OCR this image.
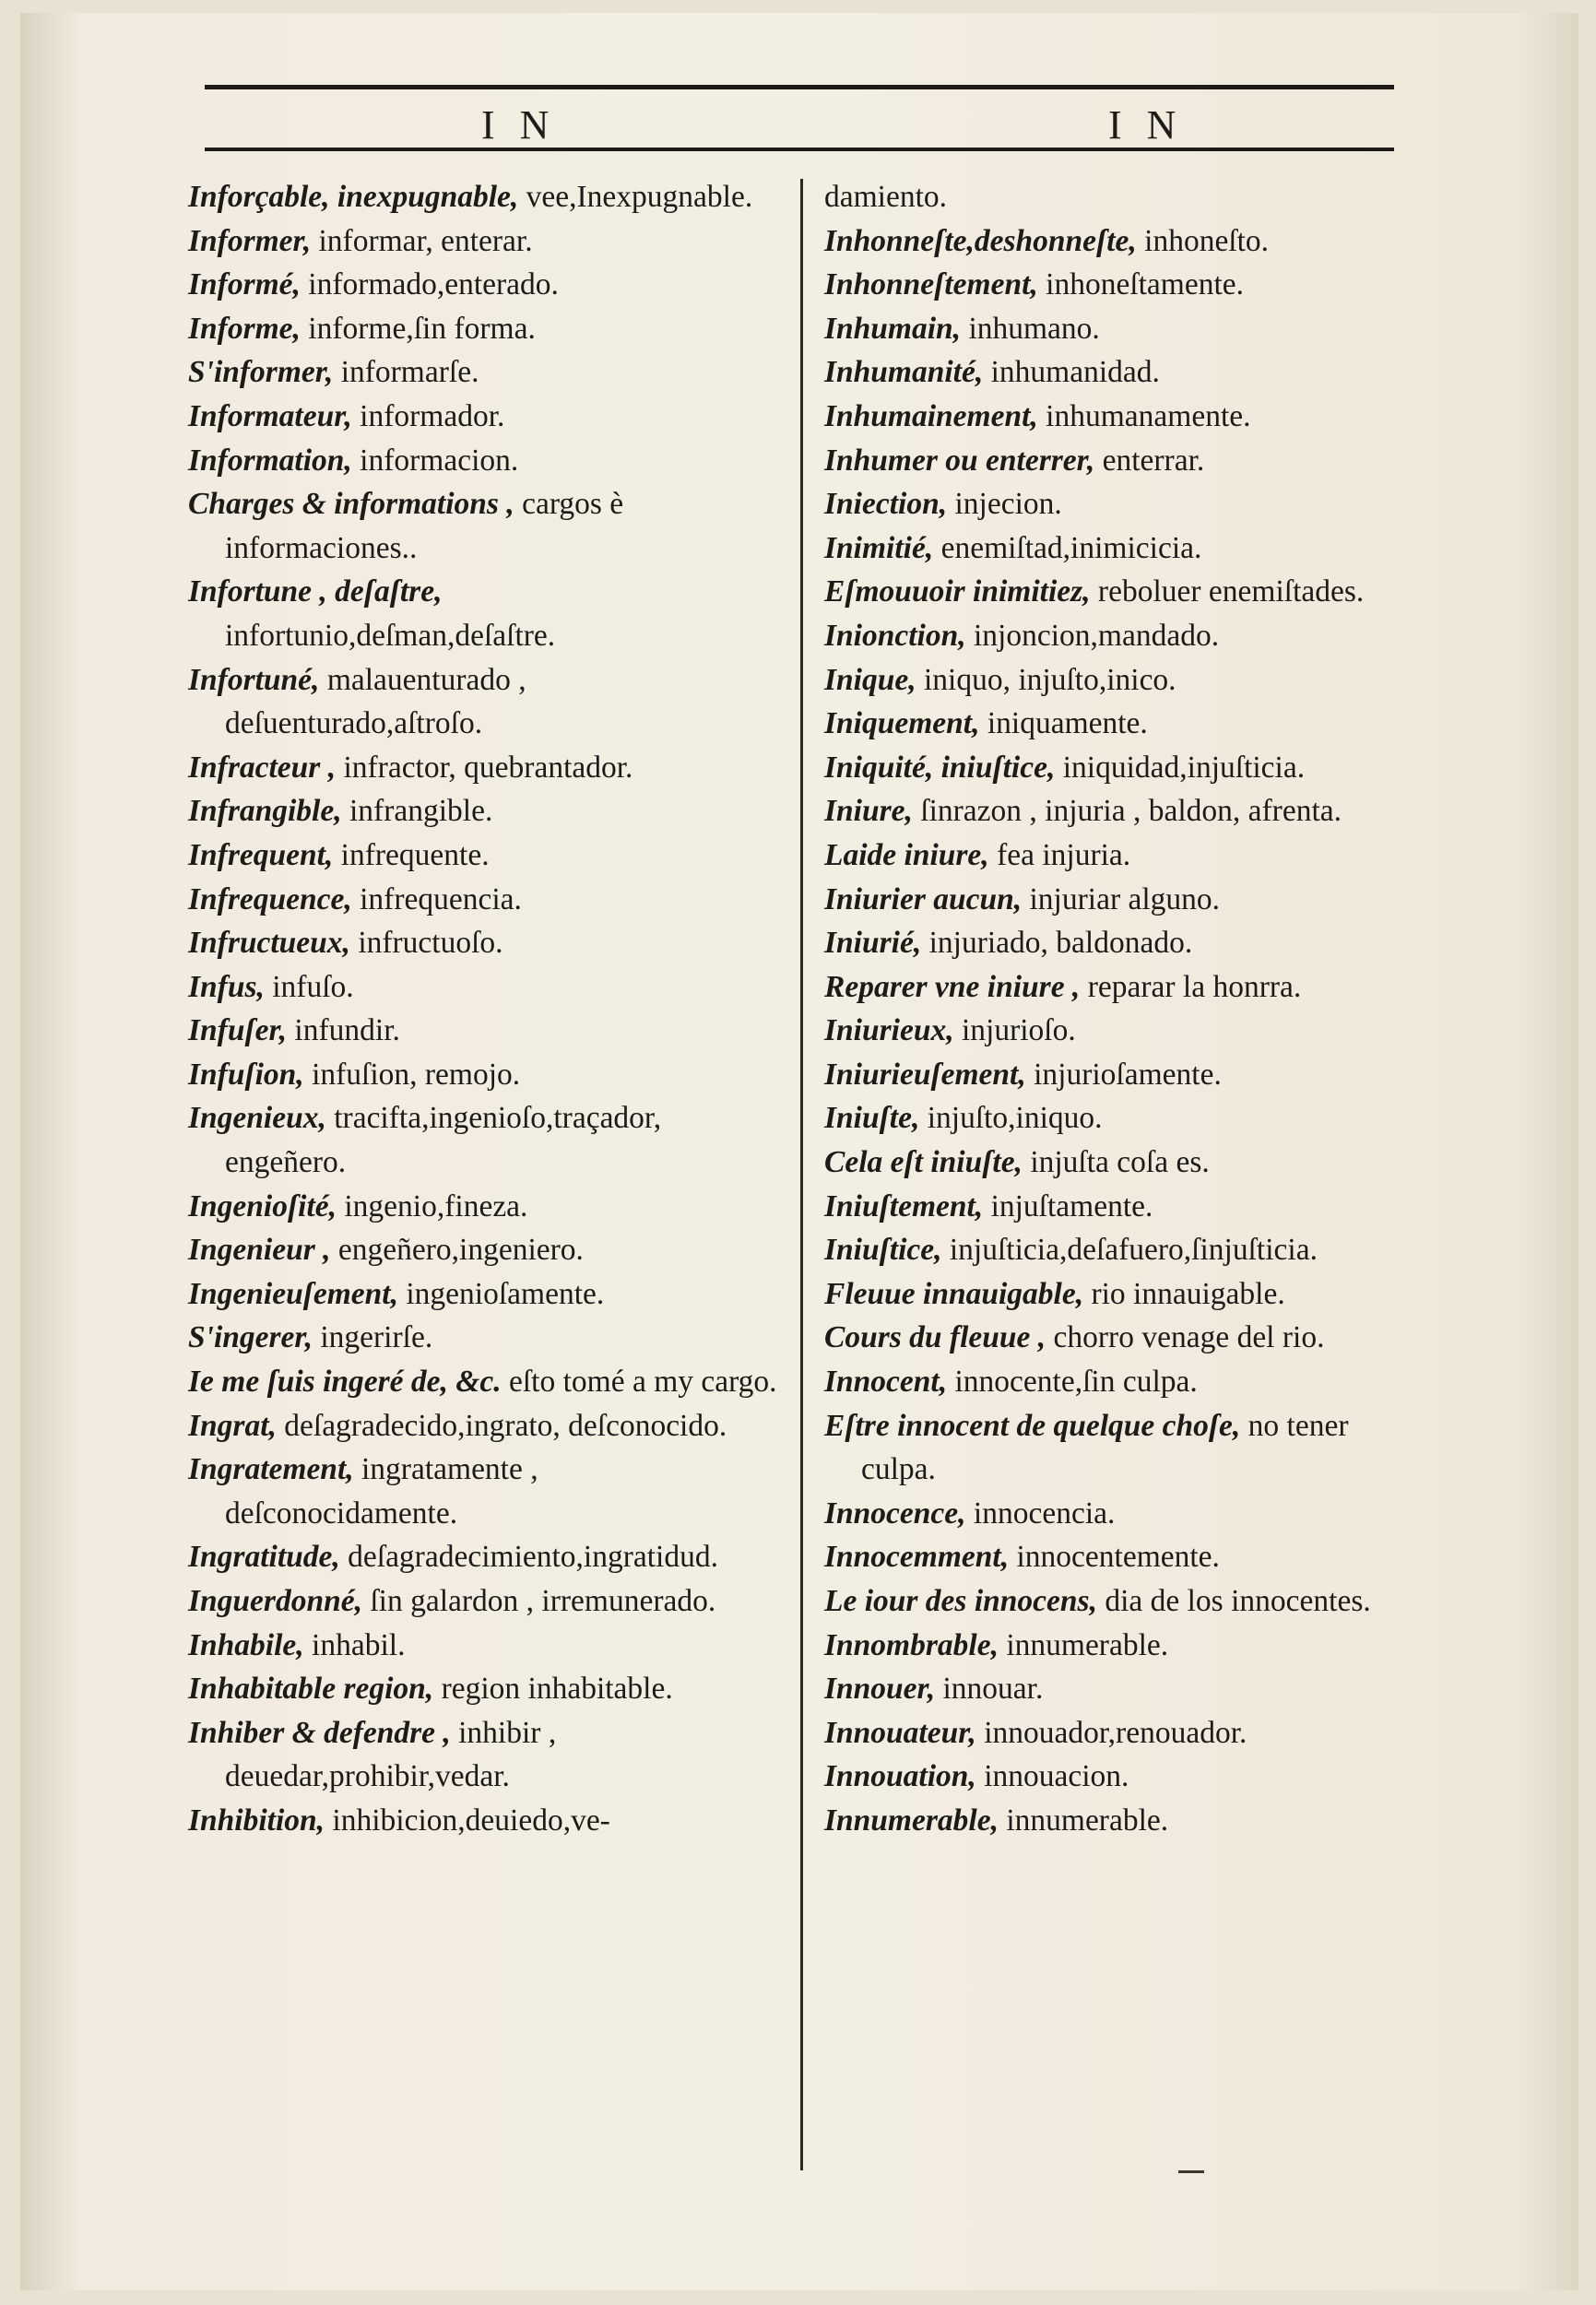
I N	I N

Inforçable, inexpugnable, vee,Inexpugnable.

Informer, informar, enterar.

Informé, informado,enterado.

Informe, informe,ſin forma.

S'informer, informarſe.

Informateur, informador.

Information, informacion.

Charges & informations , cargos è informaciones..

Infortune , deſaſtre, infortunio,deſman,deſaſtre.

Infortuné, malauenturado , deſuenturado,aſtroſo.

Infracteur , infractor, quebrantador.

Infrangible, infrangible.

Infrequent, infrequente.

Infrequence, infrequencia.

Infructueux, infructuoſo.

Infus, infuſo.

Infuſer, infundir.

Infuſion, infuſion, remojo.

Ingenieux, tracifta,ingenioſo,traçador, engeñero.

Ingenioſité, ingenio,fineza.

Ingenieur , engeñero,ingeniero.

Ingenieuſement, ingenioſamente.

S'ingerer, ingerirſe.

Ie me ſuis ingeré de, &c. eſto tomé a my cargo.

Ingrat, deſagradecido,ingrato, deſconocido.

Ingratement, ingratamente , deſconocidamente.

Ingratitude, deſagradecimiento,ingratidud.

Inguerdonné, ſin galardon , irremunerado.

Inhabile, inhabil.

Inhabitable region, region inhabitable.

Inhiber & defendre , inhibir , deuedar,prohibir,vedar.

Inhibition, inhibicion,deuiedo,ve-

damiento.

Inhonneſte,deshonneſte, inhoneſto.

Inhonneſtement, inhoneſtamente.

Inhumain, inhumano.

Inhumanité, inhumanidad.

Inhumainement, inhumanamente.

Inhumer ou enterrer, enterrar.

Iniection, injecion.

Inimitié, enemiſtad,inimicicia.

Eſmouuoir inimitiez, reboluer enemiſtades.

Inionction, injoncion,mandado.

Inique, iniquo, injuſto,inico.

Iniquement, iniquamente.

Iniquité, iniuſtice, iniquidad,injuſticia.

Iniure, ſinrazon , injuria , baldon, afrenta.

Laide iniure, fea injuria.

Iniurier aucun, injuriar alguno.

Iniurié, injuriado, baldonado.

Reparer vne iniure , reparar la honrra.

Iniurieux, injurioſo.

Iniurieuſement, injurioſamente.

Iniuſte, injuſto,iniquo.

Cela eſt iniuſte, injuſta coſa es.

Iniuſtement, injuſtamente.

Iniuſtice, injuſticia,deſafuero,ſinjuſticia.

Fleuue innauigable, rio innauigable.

Cours du fleuue , chorro venage del rio.

Innocent, innocente,ſin culpa.

Eſtre innocent de quelque choſe, no tener culpa.

Innocence, innocencia.

Innocemment, innocentemente.

Le iour des innocens, dia de los innocentes.

Innombrable, innumerable.

Innouer, innouar.

Innouateur, innouador,renouador.

Innouation, innouacion.

Innumerable, innumerable.
